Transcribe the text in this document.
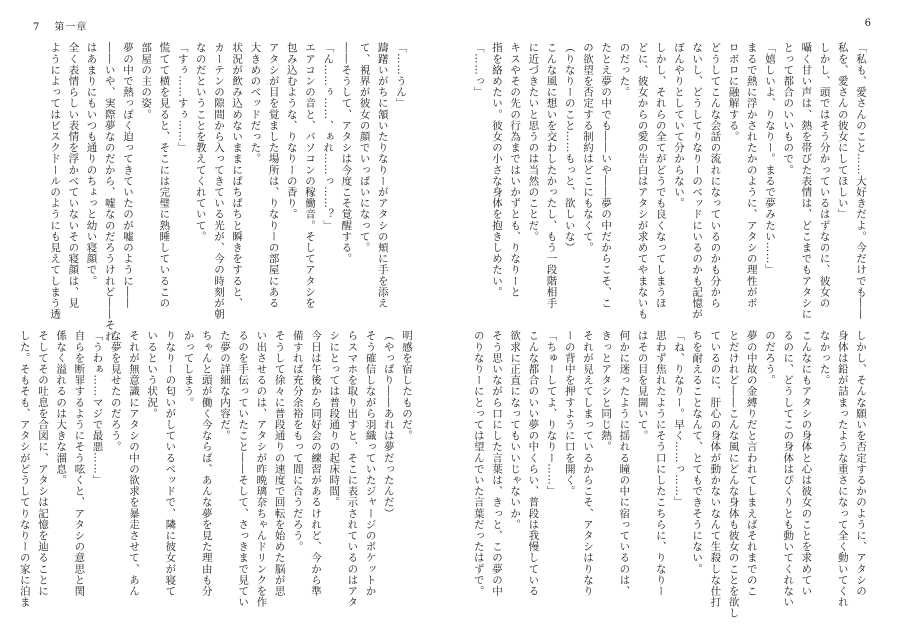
7 第一章
「……うん」
躊躇いがちに頷いたりなりーがアタシの頬に手を添え
て、視界が彼女の顔でいっぱいになって。
――そうして、アタシは今度こそ覚醒する。
「ん……ぅ……、ぁれ……っ……？」
エアコンの音と、パソコンの稼働音。そしてアタシを
包み込むような、りなりーの香り。
アタシが目を覚ました場所は、りなりーの部屋にある
大きめのベッドだった。
状況が飲み込めないままにぱちぱちと瞬きをすると、
カーテンの隙間から入ってきている光が、今の時刻が朝
なのだということを教えてくれていて。
「すぅ……すぅ……」
慌てて横を見ると、そこには完璧に熟睡しているこの
部屋の主の姿。
夢の中で熱っぽく迫ってきていたのが嘘のように――
――いや、実際夢なのだから、嘘なのだろうけれど――それ
はあまりにもいつも通りのちょっと幼い寝顔で。
全く表情らしい表情を浮かべていないその寝顔は、見
ようによってはビスクドールのようにも見えてしまう透
明感を宿したものだ。
（やっぱり――あれは夢だったんだ）
そう確信しながら羽織っていたジャージのポケットか
らスマホを取り出すと、そこに表示されているのはアタ
シにとっては普段通りの起床時間。
今日は午後から同好会の練習があるけれど、今から準
備すれば充分余裕をもって間に合うだろう。
そうして徐々に普段通りの速度で回転を始めた脳が思
い出させるのは、アタシが昨晩璃奈ちゃんドリンクを作
るのを手伝っていたこと――そして、さっきまで見てい
た夢の詳細な内容だ。
ちゃんと頭が働く今ならば、あんな夢を見た理由も分
かってしまう。
りなりーの匂いがしているベッドで、隣に彼女が寝て
いるという状況。
それが無意識にアタシの中の欲求を暴走させて、あん
な夢を見せたのだろう。
「うわぁ……マジで最悪……」
自らを断罪するようにそう呟くと、アタシの意思と関
係なく溢れるのは大きな溜息。
そしてその吐息を合図に、アタシは記憶を辿ることに
した。そもそも、アタシがどうしてりなりーの家に泊ま
6
「私も、愛さんのこと……大好きだよ。今だけでも――
私を、愛さんの彼女にしてほしい」
しかし、頭ではそう分かっているはずなのに、彼女の
囁く甘い声は、熱を帯びた表情は、どこまでもアタシに
とって都合のいいもので。
「嬉しいよ、りなりー。まるで夢みたい……」
まるで熱に浮かされたかのように、アタシの理性がボ
ロボロに融解する。
どうしてこんな会話の流れになっているのかも分から
ないし、どうしてりなりーのベッドにいるのかも記憶が
ぼんやりとしていて分からない。
しかし、それらの全てがどうでも良くなってしまうほ
どに、彼女からの愛の告白はアタシが求めてやまないも
のだった。
たとえ夢の中でも――いや――夢の中だからこそ、こ
の欲望を否定する制約はどこにもなくて。
（りなりーのこと……もっと、欲しいな）
こんな風に想いを交わしたかったし、もう一段階相手
に近づきたいと思うのは当然のことだ。
キスやその先の行為まではいかずとも、りなりーと
指を絡めたい。彼女の小さな身体を抱きしめたい。
「……っ」
しかし、そんな願いを否定するかのように、アタシの
身体は鉛が詰まったような重さになって全く動いてくれ
なかった。
こんなにもアタシの身体と心は彼女のことを求めてい
るのに、どうしてこの身体はぴくりとも動いてくれない
のだろう。
夢の中故の金縛りだと言われてしまえばそれまでのこ
とだけれど――こんな風にどんな身体も彼女のことを欲し
ているのに、肝心の身体が動かないなんて生殺しな仕打
ちを耐えることなんて、とてもできそうにない。
「ね、りなりー。早く……っ……」
思わず焦れたようにそう口にしたこちらに、りなりー
はその目を見開いて。
何かに迷ったように揺れる瞳の中に宿っているのは、
きっとアタシと同じ熱。
それが見えてしまっているからこそ、アタシはりなり
ーの背中を押すように口を開く。
「ちゅーしてよ、りなりー……」
こんな都合のいい夢の中くらい、普段は我慢している
欲求に正直になってもいいじゃないか。
そう思いながら口にした言葉は、きっと、この夢の中
のりなりーにとっては望んでいた言葉だったはずで。
